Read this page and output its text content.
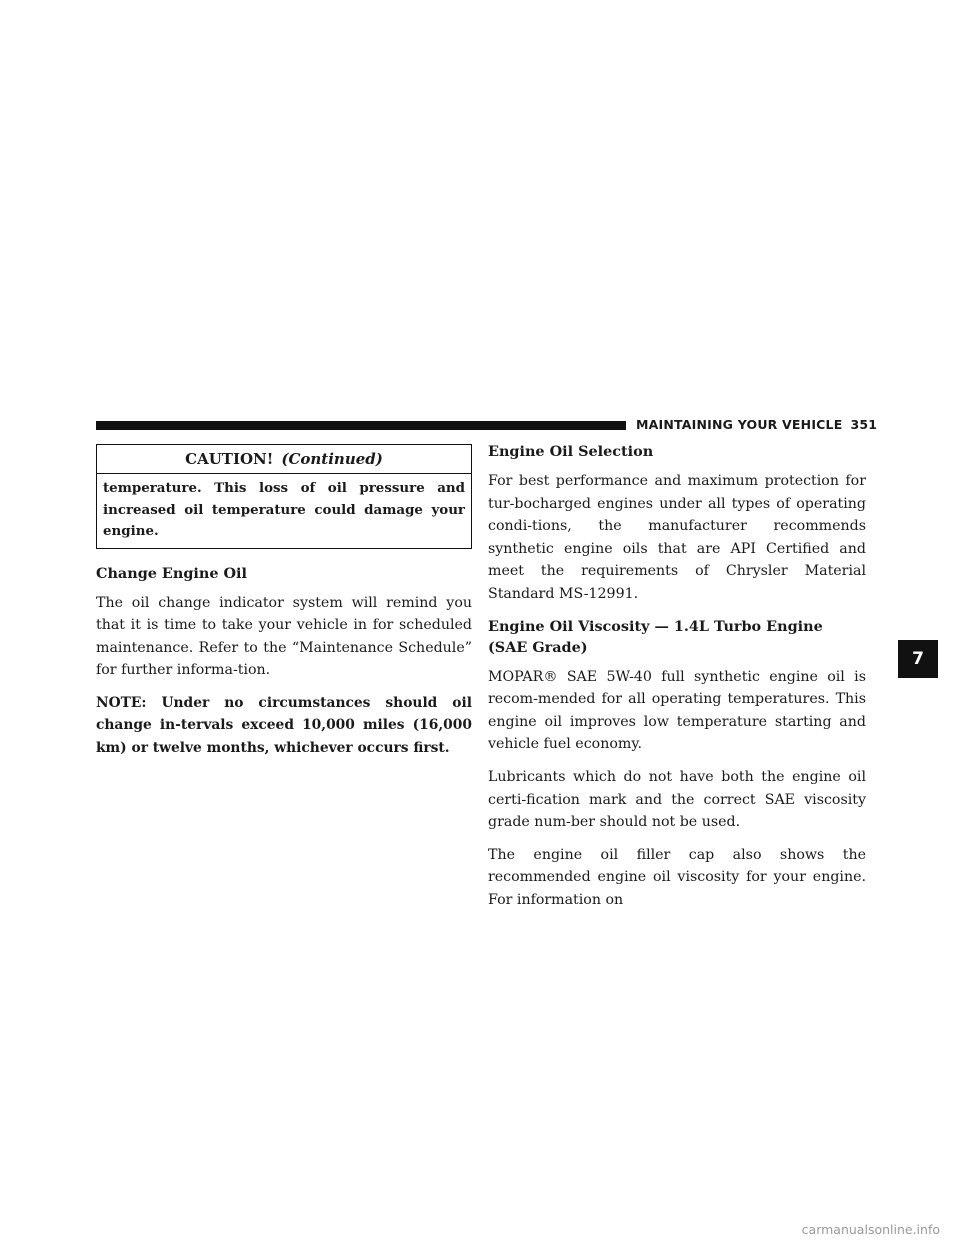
MAINTAINING YOUR VEHICLE 351
7
CAUTION! (Continued)
temperature. This loss of oil pressure and increased oil temperature could damage your engine.
Change Engine Oil

The oil change indicator system will remind you that it is time to take your vehicle in for scheduled maintenance. Refer to the “Maintenance Schedule” for further informa-tion.

NOTE: Under no circumstances should oil change in-tervals exceed 10,000 miles (16,000 km) or twelve months, whichever occurs first.

Engine Oil Selection

For best performance and maximum protection for tur-bocharged engines under all types of operating condi-tions, the manufacturer recommends synthetic engine oils that are API Certified and meet the requirements of Chrysler Material Standard MS-12991.

Engine Oil Viscosity — 1.4L Turbo Engine (SAE Grade)

MOPAR® SAE 5W-40 full synthetic engine oil is recom-mended for all operating temperatures. This engine oil improves low temperature starting and vehicle fuel economy.

Lubricants which do not have both the engine oil certi-fication mark and the correct SAE viscosity grade num-ber should not be used.

The engine oil filler cap also shows the recommended engine oil viscosity for your engine. For information on

carmanualsonline.info
